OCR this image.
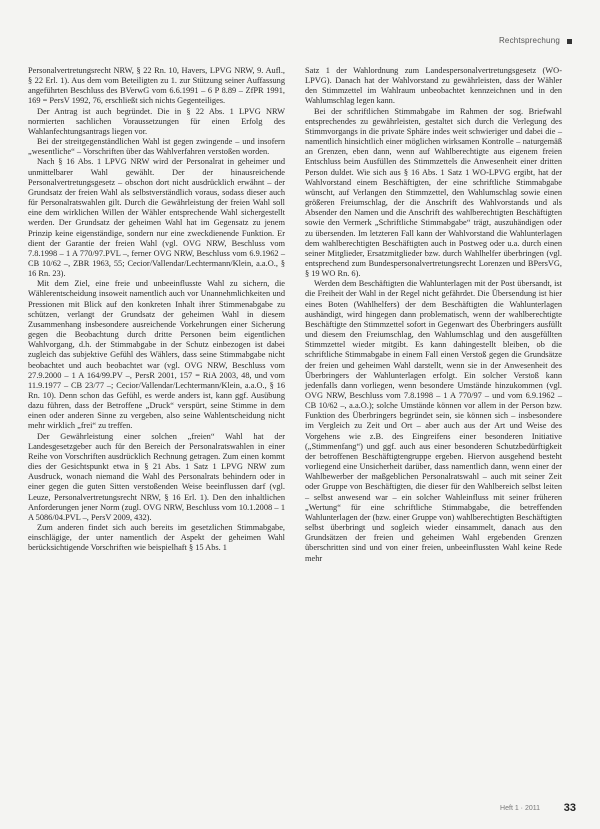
Rechtsprechung

Personalvertretungsrecht NRW, § 22 Rn. 10, Havers, LPVG NRW, 9. Aufl., § 22 Erl. 1). Aus dem vom Beteiligten zu 1. zur Stützung seiner Auffassung angeführten Beschluss des BVerwG vom 6.6.1991 – 6 P 8.89 – ZfPR 1991, 169 = PersV 1992, 76, erschließt sich nichts Gegenteiliges.

Der Antrag ist auch begründet. Die in § 22 Abs. 1 LPVG NRW normierten sachlichen Voraussetzungen für einen Erfolg des Wahlanfechtungsantrags liegen vor.

Bei der streitgegenständlichen Wahl ist gegen zwingende – und insofern „wesentliche“ – Vorschriften über das Wahlverfahren verstoßen worden.

Nach § 16 Abs. 1 LPVG NRW wird der Personalrat in geheimer und unmittelbarer Wahl gewählt. Der der hinausreichende Personalvertretungsgesetz – obschon dort nicht ausdrücklich erwähnt – der Grundsatz der freien Wahl als selbstverständlich voraus, sodass dieser auch für Personalratswahlen gilt. Durch die Gewährleistung der freien Wahl soll eine dem wirklichen Willen der Wähler entsprechende Wahl sichergestellt werden. Der Grundsatz der geheimen Wahl hat im Gegensatz zu jenem Prinzip keine eigenständige, sondern nur eine zweckdienende Funktion. Er dient der Garantie der freien Wahl (vgl. OVG NRW, Beschluss vom 7.8.1998 – 1 A 770/97.PVL –, ferner OVG NRW, Beschluss vom 6.9.1962 – CB 10/62 –, ZBR 1963, 55; Cecior/Vallendar/Lechtermann/Klein, a.a.O., § 16 Rn. 23).

Mit dem Ziel, eine freie und unbeeinflusste Wahl zu sichern, die Wählerentscheidung insoweit namentlich auch vor Unannehmlichkeiten und Pressionen mit Blick auf den konkreten Inhalt ihrer Stimmenabgabe zu schützen, verlangt der Grundsatz der geheimen Wahl in diesem Zusammenhang insbesondere ausreichende Vorkehrungen einer Sicherung gegen die Beobachtung durch dritte Personen beim eigentlichen Wahlvorgang, d.h. der Stimmabgabe in der Schutz einbezogen ist dabei zugleich das subjektive Gefühl des Wählers, dass seine Stimmabgabe nicht beobachtet und auch beobachtet war (vgl. OVG NRW, Beschluss vom 27.9.2000 – 1 A 164/99.PV –, PersR 2001, 157 = RiA 2003, 48, und vom 11.9.1977 – CB 23/77 –; Cecior/Vallendar/Lechtermann/Klein, a.a.O., § 16 Rn. 10). Denn schon das Gefühl, es werde anders ist, kann ggf. Ausübung dazu führen, dass der Betroffene „Druck“ verspürt, seine Stimme in dem einen oder anderen Sinne zu vergeben, also seine Wahlentscheidung nicht mehr wirklich „frei“ zu treffen.

Der Gewährleistung einer solchen „freien“ Wahl hat der Landesgesetzgeber auch für den Bereich der Personalratswahlen in einer Reihe von Vorschriften ausdrücklich Rechnung getragen. Zum einen kommt dies der Gesichtspunkt etwa in § 21 Abs. 1 Satz 1 LPVG NRW zum Ausdruck, wonach niemand die Wahl des Personalrats behindern oder in einer gegen die guten Sitten verstoßenden Weise beeinflussen darf (vgl. Leuze, Personalvertretungsrecht NRW, § 16 Erl. 1). Den den inhaltlichen Anforderungen jener Norm (zugl. OVG NRW, Beschluss vom 10.1.2008 – 1 A 5086/04.PVL –, PersV 2009, 432).

Zum anderen findet sich auch bereits im gesetzlichen Stimmabgabe, einschlägige, der unter namentlich der Aspekt der geheimen Wahl berücksichtigende Vorschriften wie beispielhaft § 15 Abs. 1

Satz 1 der Wahlordnung zum Landespersonalvertretungsgesetz (WO-LPVG). Danach hat der Wahlvorstand zu gewährleisten, dass der Wähler den Stimmzettel im Wahlraum unbeobachtet kennzeichnen und in den Wahlumschlag legen kann.

Bei der schriftlichen Stimmabgabe im Rahmen der sog. Briefwahl entsprechendes zu gewährleisten, gestaltet sich durch die Verlegung des Stimmvorgangs in die private Sphäre indes weit schwieriger und dabei die – namentlich hinsichtlich einer möglichen wirksamen Kontrolle – naturgemäß an Grenzen, eben dann, wenn auf Wahlberechtigte aus eigenem freien Entschluss beim Ausfüllen des Stimmzettels die Anwesenheit einer dritten Person duldet. Wie sich aus § 16 Abs. 1 Satz 1 WO-LPVG ergibt, hat der Wahlvorstand einem Beschäftigten, der eine schriftliche Stimmabgabe wünscht, auf Verlangen den Stimmzettel, den Wahlumschlag sowie einen größeren Freiumschlag, der die Anschrift des Wahlvorstands und als Absender den Namen und die Anschrift des wahlberechtigten Beschäftigten sowie den Vermerk „Schriftliche Stimmabgabe“ trägt, auszuhändigen oder zu übersenden. Im letzteren Fall kann der Wahlvorstand die Wahlunterlagen dem wahlberechtigten Beschäftigten auch in Postweg oder u.a. durch einen seiner Mitglieder, Ersatzmitglieder bzw. durch Wahlhelfer überbringen (vgl. entsprechend zum Bundespersonalvertretungsrecht Lorenzen und BPersVG, § 19 WO Rn. 6).

Werden dem Beschäftigten die Wahlunterlagen mit der Post übersandt, ist die Freiheit der Wahl in der Regel nicht gefährdet. Die Übersendung ist hier eines Boten (Wahlhelfers) der dem Beschäftigten die Wahlunterlagen aushändigt, wird hingegen dann problematisch, wenn der wahlberechtigte Beschäftigte den Stimmzettel sofort in Gegenwart des Überbringers ausfüllt und diesem den Freiumschlag, den Wahlumschlag und den ausgefüllten Stimmzettel wieder mitgibt. Es kann dahingestellt bleiben, ob die schriftliche Stimmabgabe in einem Fall einen Verstoß gegen die Grundsätze der freien und geheimen Wahl darstellt, wenn sie in der Anwesenheit des Überbringers der Wahlunterlagen erfolgt. Ein solcher Verstoß kann jedenfalls dann vorliegen, wenn besondere Umstände hinzukommen (vgl. OVG NRW, Beschluss vom 7.8.1998 – 1 A 770/97 – und vom 6.9.1962 – CB 10/62 –, a.a.O.); solche Umstände können vor allem in der Person bzw. Funktion des Überbringers begründet sein, sie können sich – insbesondere im Vergleich zu Zeit und Ort – aber auch aus der Art und Weise des Vorgehens wie z.B. des Eingreifens einer besonderen Initiative („Stimmenfang“) und ggf. auch aus einer besonderen Schutzbedürftigkeit der betroffenen Beschäftigtengruppe ergeben. Hiervon ausgehend besteht vorliegend eine Unsicherheit darüber, dass namentlich dann, wenn einer der Wahlbewerber der maßgeblichen Personalratswahl – auch mit seiner Zeit oder Gruppe von Beschäftigten, die dieser für den Wahlbereich selbst leiten – selbst anwesend war – ein solcher Wahleinfluss mit seiner früheren „Wertung“ für eine schriftliche Stimmabgabe, die betreffenden Wahlunterlagen der (bzw. einer Gruppe von) wahlberechtigten Beschäftigten selbst überbringt und sogleich wieder einsammelt, danach aus den Grundsätzen der freien und geheimen Wahl ergebenden Grenzen überschritten sind und von einer freien, unbeeinflussten Wahl keine Rede mehr

Heft 1 · 2011 33
